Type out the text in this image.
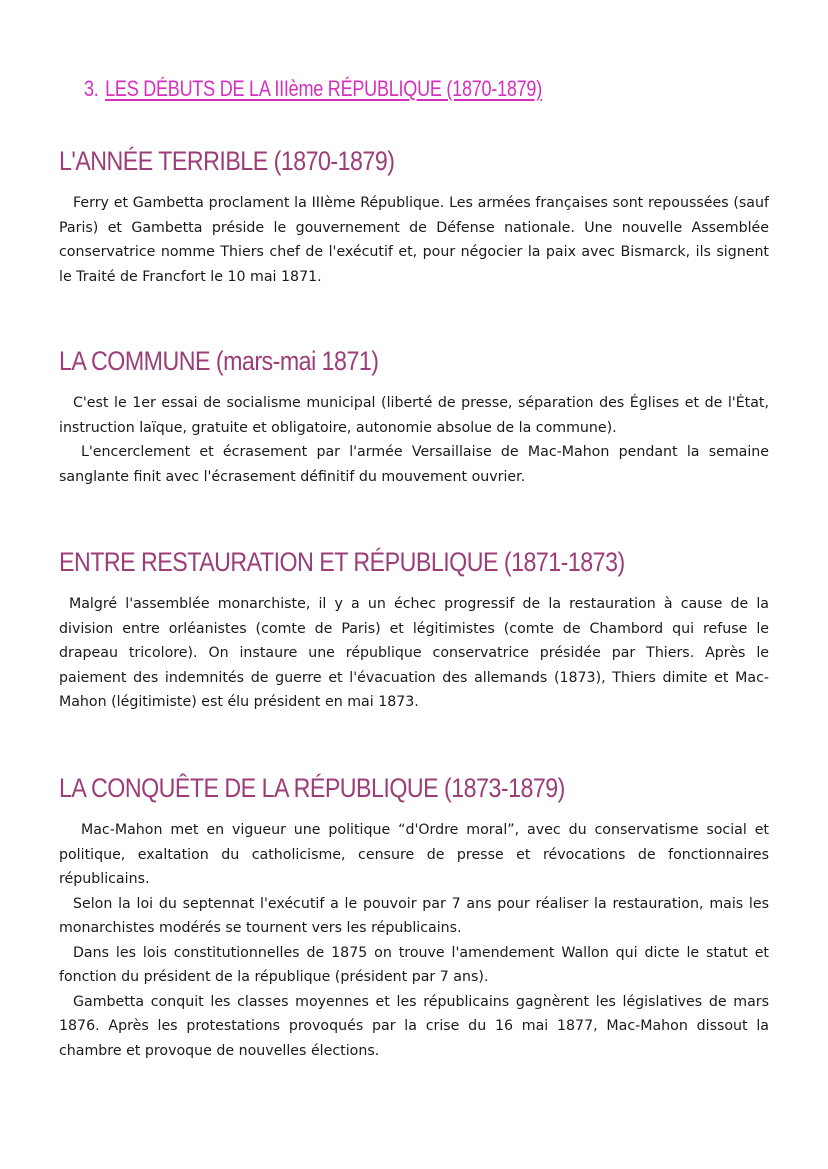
3. LES DÉBUTS DE LA IIIème RÉPUBLIQUE (1870-1879)
L'ANNÉE TERRIBLE (1870-1879)

Ferry et Gambetta proclament la IIIème République. Les armées françaises sont repoussées (sauf Paris) et Gambetta préside le gouvernement de Défense nationale. Une nouvelle Assemblée conservatrice nomme Thiers chef de l'exécutif et, pour négocier la paix avec Bismarck, ils signent le Traité de Francfort le 10 mai 1871.

LA COMMUNE (mars-mai 1871)

C'est le 1er essai de socialisme municipal (liberté de presse, séparation des Églises et de l'État, instruction laïque, gratuite et obligatoire, autonomie absolue de la commune).

L'encerclement et écrasement par l'armée Versaillaise de Mac-Mahon pendant la semaine sanglante finit avec l'écrasement définitif du mouvement ouvrier.

ENTRE RESTAURATION ET RÉPUBLIQUE (1871-1873)

Malgré l'assemblée monarchiste, il y a un échec progressif de la restauration à cause de la division entre orléanistes (comte de Paris) et légitimistes (comte de Chambord qui refuse le drapeau tricolore). On instaure une république conservatrice présidée par Thiers. Après le paiement des indemnités de guerre et l'évacuation des allemands (1873), Thiers dimite et Mac-Mahon (légitimiste) est élu président en mai 1873.

LA CONQUÊTE DE LA RÉPUBLIQUE (1873-1879)

Mac-Mahon met en vigueur une politique “d'Ordre moral”, avec du conservatisme social et politique, exaltation du catholicisme, censure de presse et révocations de fonctionnaires républicains.

Selon la loi du septennat l'exécutif a le pouvoir par 7 ans pour réaliser la restauration, mais les monarchistes modérés se tournent vers les républicains.

Dans les lois constitutionnelles de 1875 on trouve l'amendement Wallon qui dicte le statut et fonction du président de la république (président par 7 ans).

Gambetta conquit les classes moyennes et les républicains gagnèrent les législatives de mars 1876. Après les protestations provoqués par la crise du 16 mai 1877, Mac-Mahon dissout la chambre et provoque de nouvelles élections.
